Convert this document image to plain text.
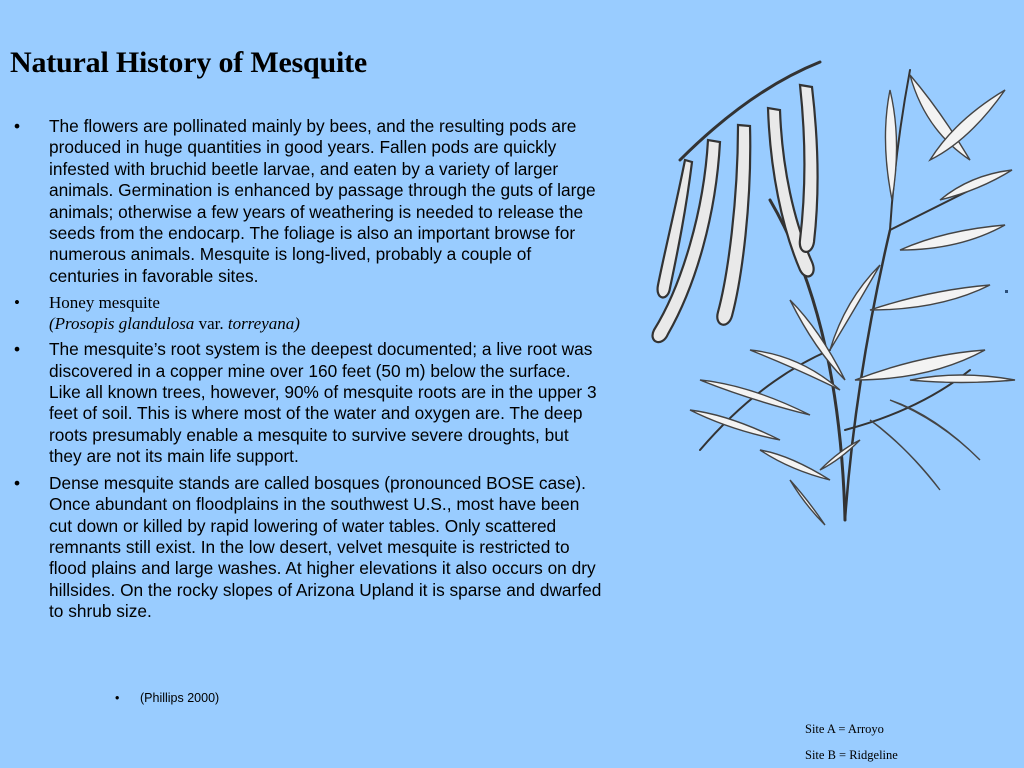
Natural History of Mesquite
• The flowers are pollinated mainly by bees, and the resulting pods are produced in huge quantities in good years. Fallen pods are quickly infested with bruchid beetle larvae, and eaten by a variety of larger animals. Germination is enhanced by passage through the guts of large animals; otherwise a few years of weathering is needed to release the seeds from the endocarp. The foliage is also an important browse for numerous animals. Mesquite is long-lived, probably a couple of centuries in favorable sites.
• Honey mesquite
(Prosopis glandulosa var. torreyana)
• The mesquite’s root system is the deepest documented; a live root was discovered in a copper mine over 160 feet (50 m) below the surface. Like all known trees, however, 90% of mesquite roots are in the upper 3 feet of soil. This is where most of the water and oxygen are. The deep roots presumably enable a mesquite to survive severe droughts, but they are not its main life support.
• Dense mesquite stands are called bosques (pronounced BOSE case). Once abundant on floodplains in the southwest U.S., most have been cut down or killed by rapid lowering of water tables. Only scattered remnants still exist. In the low desert, velvet mesquite is restricted to flood plains and large washes. At higher elevations it also occurs on dry hillsides. On the rocky slopes of Arizona Upland it is sparse and dwarfed to shrub size.
• (Phillips 2000)
Site A = Arroyo
Site B = Ridgeline
